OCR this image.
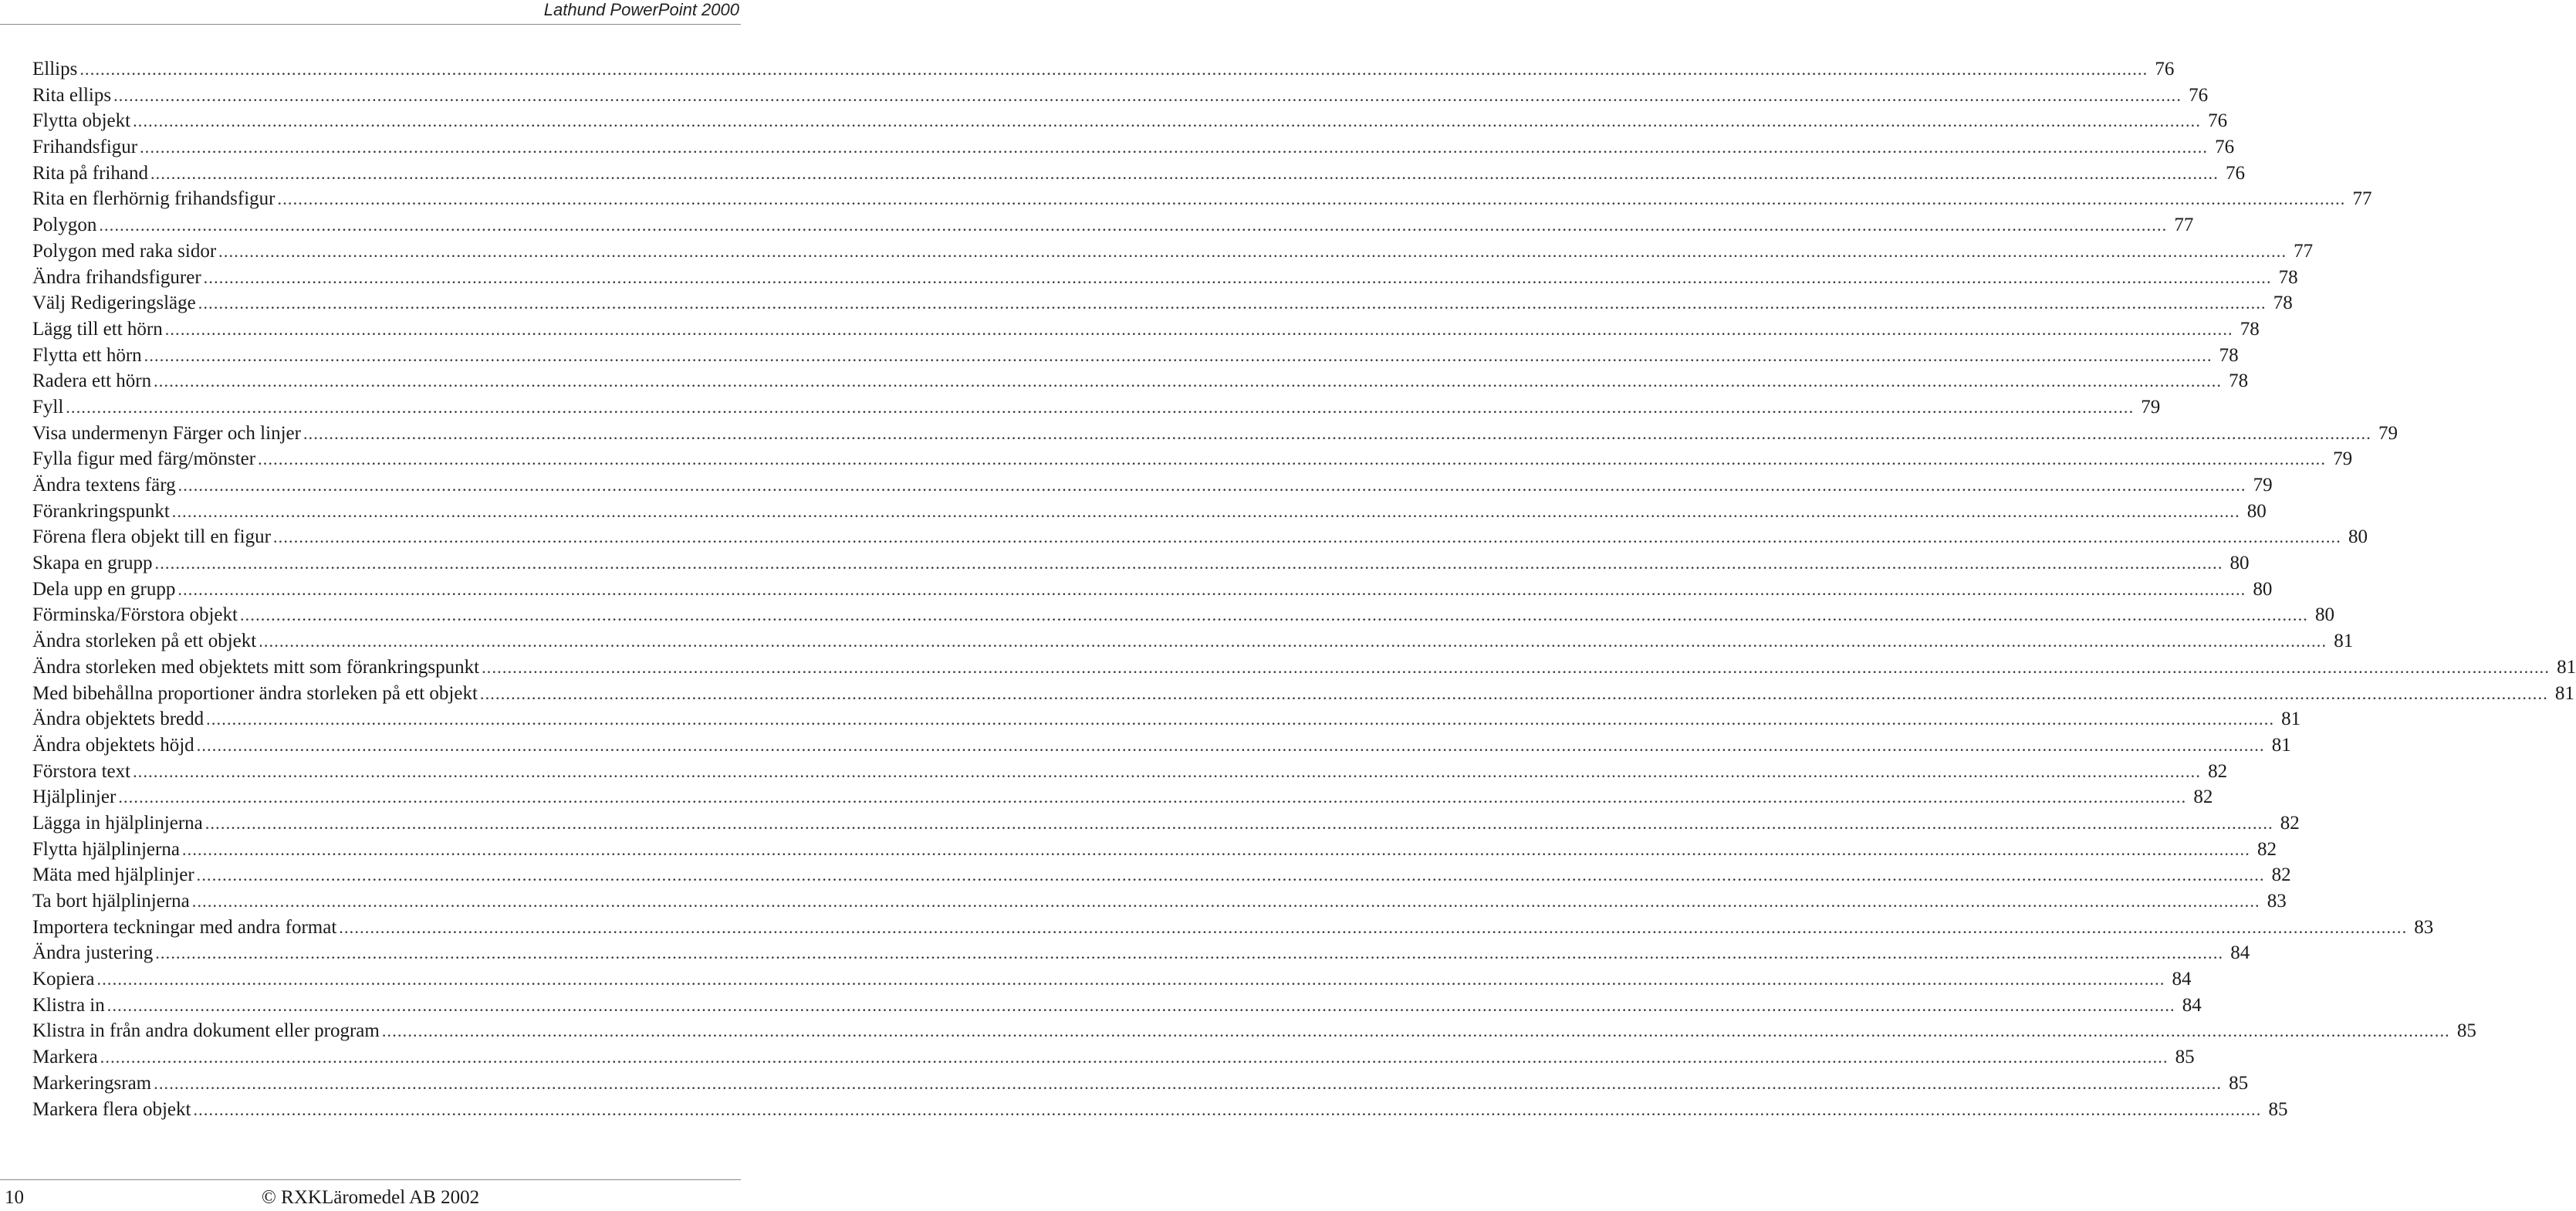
Lathund PowerPoint 2000
Ellips ................................................................................................................................................................................................................................................................................................................................................................................................................ 76
Rita ellips ................................................................................................................................................................................................................................................................................................................................................................................................................ 76
Flytta objekt ................................................................................................................................................................................................................................................................................................................................................................................................................ 76
Frihandsfigur ................................................................................................................................................................................................................................................................................................................................................................................................................ 76
Rita på frihand ................................................................................................................................................................................................................................................................................................................................................................................................................ 76
Rita en flerhörnig frihandsfigur ................................................................................................................................................................................................................................................................................................................................................................................................................ 77
Polygon ................................................................................................................................................................................................................................................................................................................................................................................................................ 77
Polygon med raka sidor ................................................................................................................................................................................................................................................................................................................................................................................................................ 77
Ändra frihandsfigurer ................................................................................................................................................................................................................................................................................................................................................................................................................ 78
Välj Redigeringsläge ................................................................................................................................................................................................................................................................................................................................................................................................................ 78
Lägg till ett hörn ................................................................................................................................................................................................................................................................................................................................................................................................................ 78
Flytta ett hörn ................................................................................................................................................................................................................................................................................................................................................................................................................ 78
Radera ett hörn ................................................................................................................................................................................................................................................................................................................................................................................................................ 78
Fyll ................................................................................................................................................................................................................................................................................................................................................................................................................ 79
Visa undermenyn Färger och linjer ................................................................................................................................................................................................................................................................................................................................................................................................................ 79
Fylla figur med färg/mönster ................................................................................................................................................................................................................................................................................................................................................................................................................ 79
Ändra textens färg ................................................................................................................................................................................................................................................................................................................................................................................................................ 79
Förankringspunkt ................................................................................................................................................................................................................................................................................................................................................................................................................ 80
Förena flera objekt till en figur ................................................................................................................................................................................................................................................................................................................................................................................................................ 80
Skapa en grupp ................................................................................................................................................................................................................................................................................................................................................................................................................ 80
Dela upp en grupp ................................................................................................................................................................................................................................................................................................................................................................................................................ 80
Förminska/Förstora objekt ................................................................................................................................................................................................................................................................................................................................................................................................................ 80
Ändra storleken på ett objekt ................................................................................................................................................................................................................................................................................................................................................................................................................ 81
Ändra storleken med objektets mitt som förankringspunkt ................................................................................................................................................................................................................................................................................................................................................................................................................ 81
Med bibehållna proportioner ändra storleken på ett objekt ................................................................................................................................................................................................................................................................................................................................................................................................................ 81
Ändra objektets bredd ................................................................................................................................................................................................................................................................................................................................................................................................................ 81
Ändra objektets höjd ................................................................................................................................................................................................................................................................................................................................................................................................................ 81
Förstora text ................................................................................................................................................................................................................................................................................................................................................................................................................ 82
Hjälplinjer ................................................................................................................................................................................................................................................................................................................................................................................................................ 82
Lägga in hjälplinjerna ................................................................................................................................................................................................................................................................................................................................................................................................................ 82
Flytta hjälplinjerna ................................................................................................................................................................................................................................................................................................................................................................................................................ 82
Mäta med hjälplinjer ................................................................................................................................................................................................................................................................................................................................................................................................................ 82
Ta bort hjälplinjerna ................................................................................................................................................................................................................................................................................................................................................................................................................ 83
Importera teckningar med andra format ................................................................................................................................................................................................................................................................................................................................................................................................................ 83
Ändra justering ................................................................................................................................................................................................................................................................................................................................................................................................................ 84
Kopiera ................................................................................................................................................................................................................................................................................................................................................................................................................ 84
Klistra in ................................................................................................................................................................................................................................................................................................................................................................................................................ 84
Klistra in från andra dokument eller program ................................................................................................................................................................................................................................................................................................................................................................................................................ 85
Markera ................................................................................................................................................................................................................................................................................................................................................................................................................ 85
Markeringsram ................................................................................................................................................................................................................................................................................................................................................................................................................ 85
Markera flera objekt ................................................................................................................................................................................................................................................................................................................................................................................................................ 85
10	© RXKLäromedel AB 2002
